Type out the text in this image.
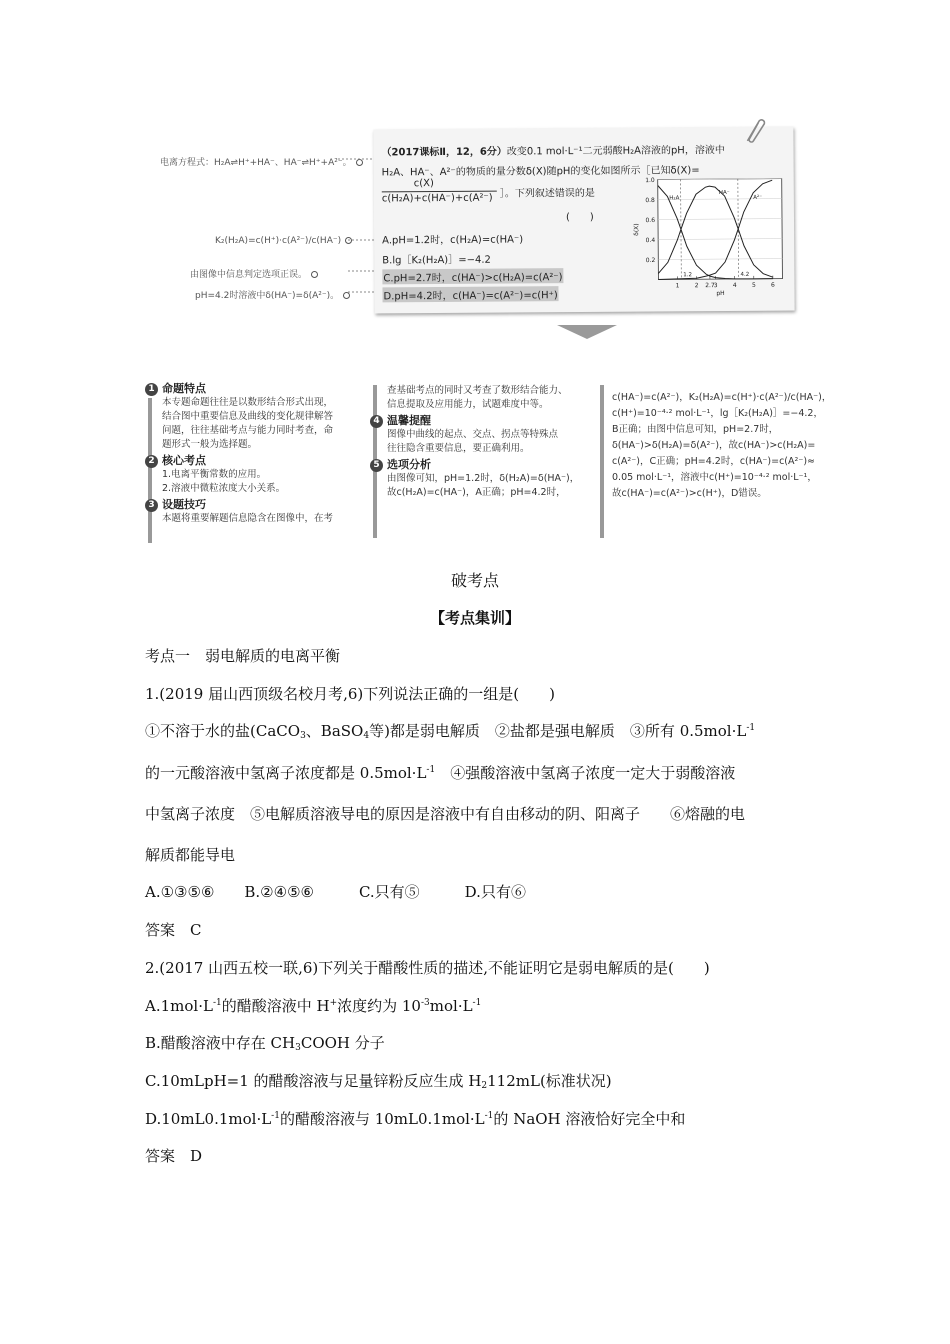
电离方程式：H₂A⇌H⁺+HA⁻、HA⁻⇌H⁺+A²⁻。
K₂(H₂A)=c(H⁺)·c(A²⁻)/c(HA⁻)
由图像中信息判定选项正误。
pH=4.2时溶液中δ(HA⁻)=δ(A²⁻)。
（2017课标Ⅱ，12，6分）改变0.1 mol·L⁻¹二元弱酸H₂A溶液的pH，溶液中
H₂A、HA⁻、A²⁻的物质的量分数δ(X)随pH的变化如图所示［已知δ(X)=
c(X)
c(H₂A)+c(HA⁻)+c(A²⁻) ］。下列叙述错误的是
(　　)
A.pH=1.2时，c(H₂A)=c(HA⁻)
B.lg［K₂(H₂A)］=−4.2
C.pH=2.7时，c(HA⁻)>c(H₂A)=c(A²⁻)
D.pH=4.2时，c(HA⁻)=c(A²⁻)=c(H⁺)
0.2
0.4
0.6
0.8
1.0
1	2 2.7
3	4	5	6
1.2	4.2
H₂A
HA⁻
A²⁻
pH
δ(X)
1 命题特点
本专题命题往往是以数形结合形式出现，
结合图中重要信息及曲线的变化规律解答
问题，往往基础考点与能力同时考查，命
题形式一般为选择题。
2 核心考点
1.电离平衡常数的应用。
2.溶液中微粒浓度大小关系。
3 设题技巧
本题将重要解题信息隐含在图像中，在考
查基础考点的同时又考查了数形结合能力、
信息提取及应用能力，试题难度中等。
4 温馨提醒
图像中曲线的起点、交点、拐点等特殊点
往往隐含重要信息，要正确利用。
5 选项分析
由图像可知，pH=1.2时，δ(H₂A)=δ(HA⁻)，
故c(H₂A)=c(HA⁻)，A正确；pH=4.2时，
c(HA⁻)=c(A²⁻)，K₂(H₂A)=c(H⁺)·c(A²⁻)/c(HA⁻)，
c(H⁺)=10⁻⁴·² mol·L⁻¹，lg［K₂(H₂A)］=−4.2，
B正确；由图中信息可知，pH=2.7时，
δ(HA⁻)>δ(H₂A)=δ(A²⁻)，故c(HA⁻)>c(H₂A)=
c(A²⁻)，C正确；pH=4.2时，c(HA⁻)=c(A²⁻)≈
0.05 mol·L⁻¹，溶液中c(H⁺)=10⁻⁴·² mol·L⁻¹，
故c(HA⁻)=c(A²⁻)>c(H⁺)，D错误。
破考点
【考点集训】
考点一　弱电解质的电离平衡
1.(2019 届山西顶级名校月考,6)下列说法正确的一组是(　　)
①不溶于水的盐(CaCO$_3$、BaSO$_4$等)都是弱电解质　②盐都是强电解质　③所有 $0.5mol\cdot L^{-1}$
的一元酸溶液中氢离子浓度都是 $0.5mol\cdot L^{-1}$　④强酸溶液中氢离子浓度一定大于弱酸溶液
中氢离子浓度　⑤电解质溶液导电的原因是溶液中有自由移动的阴、阳离子　　⑥熔融的电
解质都能导电
A.①③⑤⑥　　B.②④⑤⑥　　　C.只有⑤　　　D.只有⑥
答案　C
2.(2017 山西五校一联,6)下列关于醋酸性质的描述,不能证明它是弱电解质的是(　　)
$A.1mol\cdot L^{-1}$的醋酸溶液中 H+浓度约为 $10^{-3}mol\cdot L^{-1}$
B.醋酸溶液中存在 $CH_3COOH$ 分子
C.10mLpH=1 的醋酸溶液与足量锌粉反应生成 $H_2112mL$(标准状况)
$D.10mL0.1mol\cdot L^{-1}$的醋酸溶液与 $10mL0.1mol\cdot L^{-1}$的 NaOH 溶液恰好完全中和
答案　D
